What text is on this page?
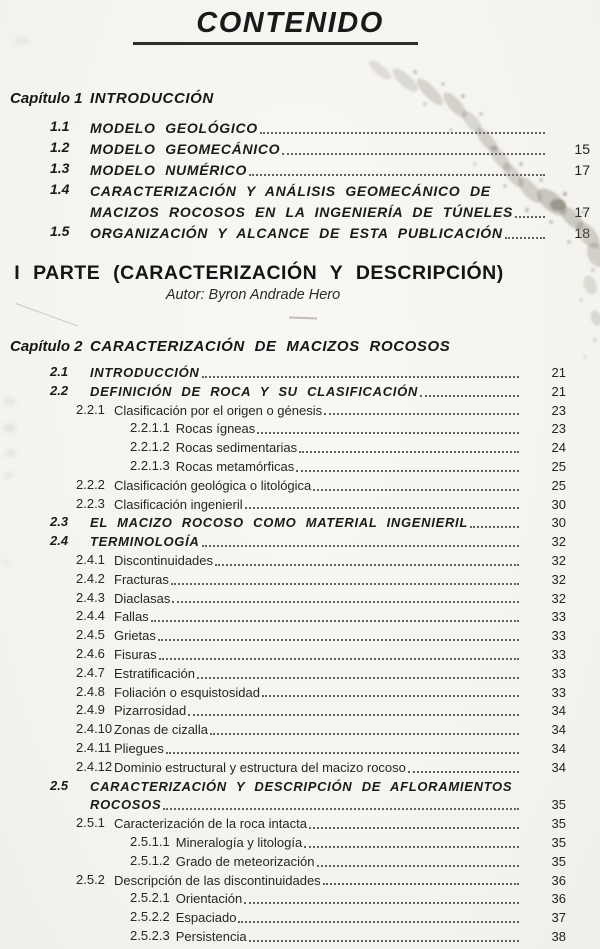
CONTENIDO
Capítulo 1 INTRODUCCIÓN
1.1	MODELO GEOLÓGICO
1.2	MODELO GEOMECÁNICO	15
1.3	MODELO NUMÉRICO	17
1.4	CARACTERIZACIÓN Y ANÁLISIS GEOMECÁNICO DE
MACIZOS ROCOSOS EN LA INGENIERÍA DE TÚNELES	17
1.5	ORGANIZACIÓN Y ALCANCE DE ESTA PUBLICACIÓN	18
I PARTE (CARACTERIZACIÓN Y DESCRIPCIÓN)
Autor: Byron Andrade Hero
Capítulo 2 CARACTERIZACIÓN DE MACIZOS ROCOSOS
2.1	INTRODUCCIÓN	21
2.2	DEFINICIÓN DE ROCA Y SU CLASIFICACIÓN	21
2.2.1 Clasificación por el origen o génesis	23
2.2.1.1 Rocas ígneas	23
2.2.1.2 Rocas sedimentarias	24
2.2.1.3 Rocas metamórficas	25
2.2.2 Clasificación geológica o litológica	25
2.2.3 Clasificación ingenieril	30
2.3	EL MACIZO ROCOSO COMO MATERIAL INGENIERIL	30
2.4	TERMINOLOGÍA	32
2.4.1 Discontinuidades	32
2.4.2 Fracturas	32
2.4.3 Diaclasas	32
2.4.4 Fallas	33
2.4.5 Grietas	33
2.4.6 Fisuras	33
2.4.7 Estratificación	33
2.4.8 Foliación o esquistosidad	33
2.4.9 Pizarrosidad	34
2.4.10 Zonas de cizalla	34
2.4.11 Pliegues	34
2.4.12 Dominio estructural y estructura del macizo rocoso	34
2.5	CARACTERIZACIÓN Y DESCRIPCIÓN DE AFLORAMIENTOS
ROCOSOS	35
2.5.1 Caracterización de la roca intacta	35
2.5.1.1 Mineralogía y litología	35
2.5.1.2 Grado de meteorización	35
2.5.2 Descripción de las discontinuidades	36
2.5.2.1 Orientación	36
2.5.2.2 Espaciado	37
2.5.2.3 Persistencia	38
